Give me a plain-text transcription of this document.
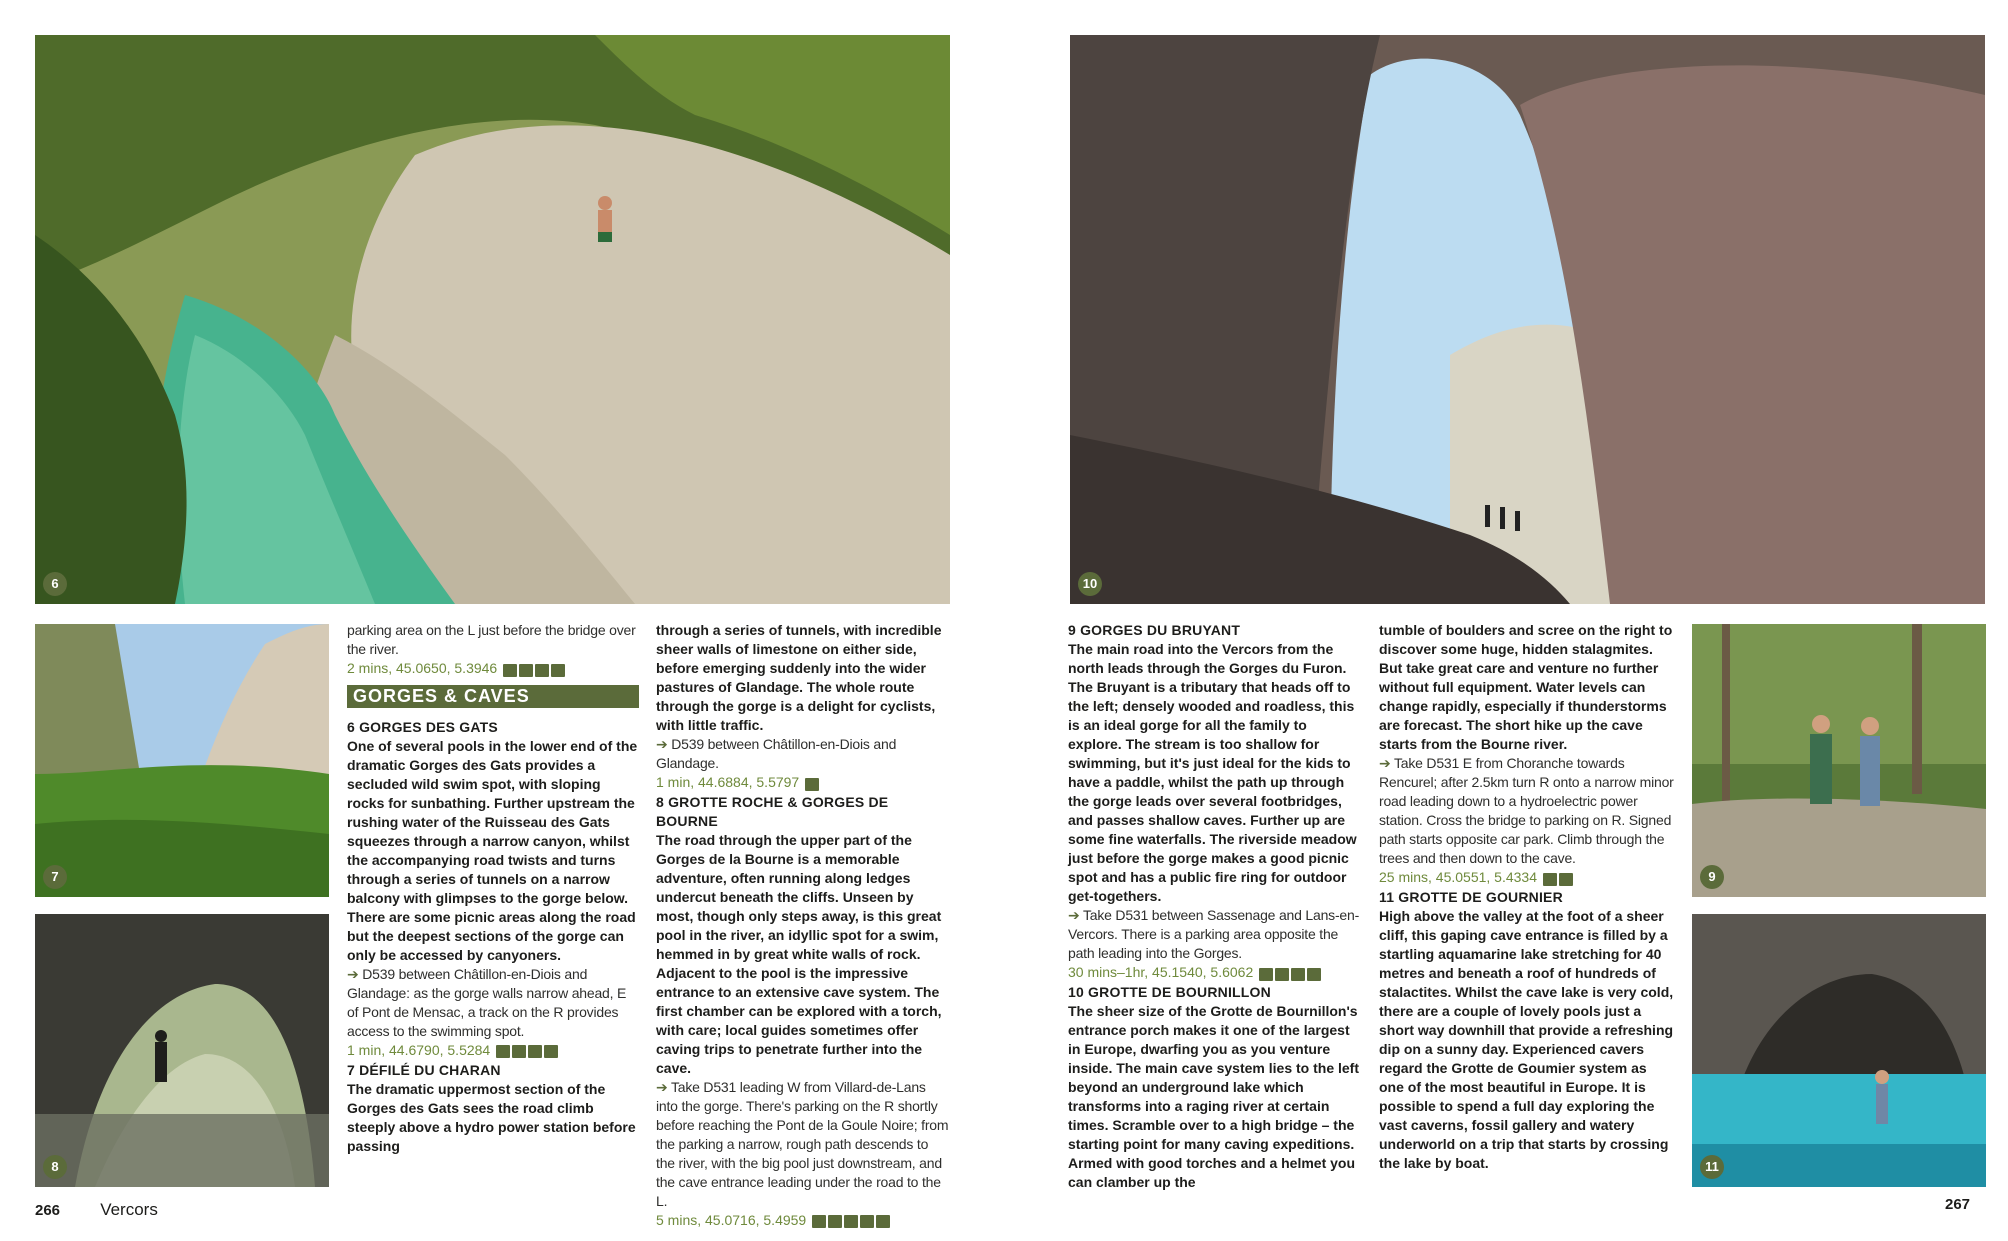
6
7
8
10
9
11

parking area on the L just before the bridge over the river.

2 mins, 45.0650, 5.3946

GORGES & CAVES

6 GORGES DES GATS

One of several pools in the lower end of the dramatic Gorges des Gats provides a secluded wild swim spot, with sloping rocks for sunbathing. Further upstream the rushing water of the Ruisseau des Gats squeezes through a narrow canyon, whilst the accompanying road twists and turns through a series of tunnels on a narrow balcony with glimpses to the gorge below. There are some picnic areas along the road but the deepest sections of the gorge can only be accessed by canyoners.

➔ D539 between Châtillon-en-Diois and Glandage: as the gorge walls narrow ahead, E of Pont de Mensac, a track on the R provides access to the swimming spot.

1 min, 44.6790, 5.5284

7 DÉFILÉ DU CHARAN

The dramatic uppermost section of the Gorges des Gats sees the road climb steeply above a hydro power station before passing

through a series of tunnels, with incredible sheer walls of limestone on either side, before emerging suddenly into the wider pastures of Glandage. The whole route through the gorge is a delight for cyclists, with little traffic.

➔ D539 between Châtillon-en-Diois and Glandage.

1 min, 44.6884, 5.5797

8 GROTTE ROCHE & GORGES DE BOURNE

The road through the upper part of the Gorges de la Bourne is a memorable adventure, often running along ledges undercut beneath the cliffs. Unseen by most, though only steps away, is this great pool in the river, an idyllic spot for a swim, hemmed in by great white walls of rock. Adjacent to the pool is the impressive entrance to an extensive cave system. The first chamber can be explored with a torch, with care; local guides sometimes offer caving trips to penetrate further into the cave.

➔ Take D531 leading W from Villard-de-Lans into the gorge. There's parking on the R shortly before reaching the Pont de la Goule Noire; from the parking a narrow, rough path descends to the river, with the big pool just downstream, and the cave entrance leading under the road to the L.

5 mins, 45.0716, 5.4959

9 GORGES DU BRUYANT

The main road into the Vercors from the north leads through the Gorges du Furon. The Bruyant is a tributary that heads off to the left; densely wooded and roadless, this is an ideal gorge for all the family to explore. The stream is too shallow for swimming, but it's just ideal for the kids to have a paddle, whilst the path up through the gorge leads over several footbridges, and passes shallow caves. Further up are some fine waterfalls. The riverside meadow just before the gorge makes a good picnic spot and has a public fire ring for outdoor get-togethers.

➔ Take D531 between Sassenage and Lans-en-Vercors. There is a parking area opposite the path leading into the Gorges.

30 mins–1hr, 45.1540, 5.6062

10 GROTTE DE BOURNILLON

The sheer size of the Grotte de Bournillon's entrance porch makes it one of the largest in Europe, dwarfing you as you venture inside. The main cave system lies to the left beyond an underground lake which transforms into a raging river at certain times. Scramble over to a high bridge – the starting point for many caving expeditions. Armed with good torches and a helmet you can clamber up the

tumble of boulders and scree on the right to discover some huge, hidden stalagmites. But take great care and venture no further without full equipment. Water levels can change rapidly, especially if thunderstorms are forecast. The short hike up the cave starts from the Bourne river.

➔ Take D531 E from Choranche towards Rencurel; after 2.5km turn R onto a narrow minor road leading down to a hydroelectric power station. Cross the bridge to parking on R. Signed path starts opposite car park. Climb through the trees and then down to the cave.

25 mins, 45.0551, 5.4334

11 GROTTE DE GOURNIER

High above the valley at the foot of a sheer cliff, this gaping cave entrance is filled by a startling aquamarine lake stretching for 40 metres and beneath a roof of hundreds of stalactites. Whilst the cave lake is very cold, there are a couple of lovely pools just a short way downhill that provide a refreshing dip on a sunny day. Experienced cavers regard the Grotte de Goumier system as one of the most beautiful in Europe. It is possible to spend a full day exploring the vast caverns, fossil gallery and watery underworld on a trip that starts by crossing the lake by boat.

266 Vercors	267
